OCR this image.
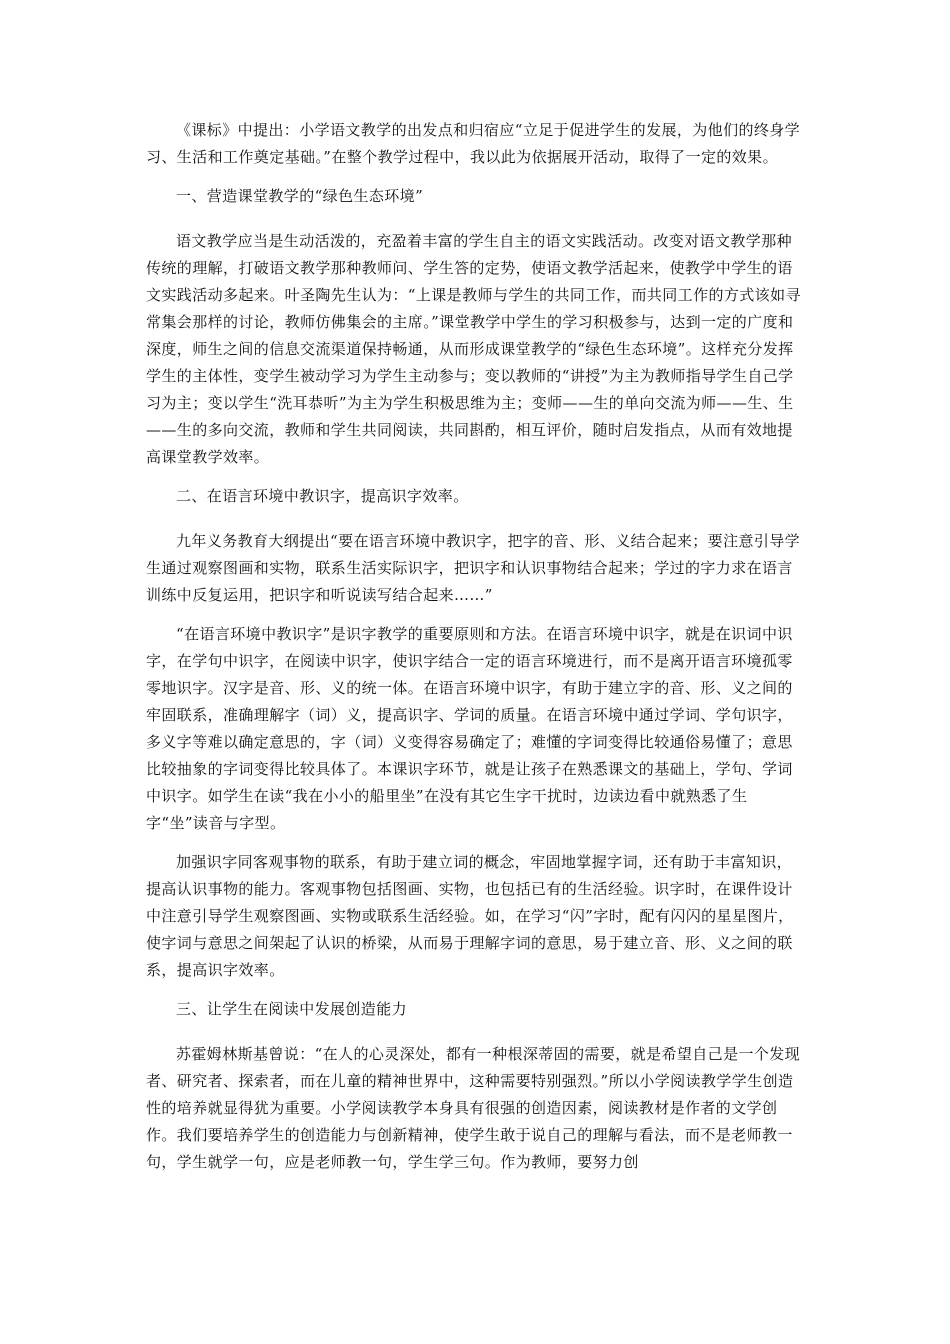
《课标》中提出：小学语文教学的出发点和归宿应“立足于促进学生的发展，为他们的终身学习、生活和工作奠定基础。”在整个教学过程中，我以此为依据展开活动，取得了一定的效果。

一、营造课堂教学的“绿色生态环境”

语文教学应当是生动活泼的，充盈着丰富的学生自主的语文实践活动。改变对语文教学那种传统的理解，打破语文教学那种教师问、学生答的定势，使语文教学活起来，使教学中学生的语文实践活动多起来。叶圣陶先生认为：“上课是教师与学生的共同工作，而共同工作的方式该如寻常集会那样的讨论，教师仿佛集会的主席。”课堂教学中学生的学习积极参与，达到一定的广度和深度，师生之间的信息交流渠道保持畅通，从而形成课堂教学的“绿色生态环境”。这样充分发挥学生的主体性，变学生被动学习为学生主动参与；变以教师的“讲授”为主为教师指导学生自己学习为主；变以学生“洗耳恭听”为主为学生积极思维为主；变师——生的单向交流为师——生、生——生的多向交流，教师和学生共同阅读，共同斟酌，相互评价，随时启发指点，从而有效地提高课堂教学效率。

二、在语言环境中教识字，提高识字效率。

九年义务教育大纲提出“要在语言环境中教识字，把字的音、形、义结合起来；要注意引导学生通过观察图画和实物，联系生活实际识字，把识字和认识事物结合起来；学过的字力求在语言训练中反复运用，把识字和听说读写结合起来……”

“在语言环境中教识字”是识字教学的重要原则和方法。在语言环境中识字，就是在识词中识字，在学句中识字，在阅读中识字，使识字结合一定的语言环境进行，而不是离开语言环境孤零零地识字。汉字是音、形、义的统一体。在语言环境中识字，有助于建立字的音、形、义之间的牢固联系，准确理解字（词）义，提高识字、学词的质量。在语言环境中通过学词、学句识字，多义字等难以确定意思的，字（词）义变得容易确定了；难懂的字词变得比较通俗易懂了；意思比较抽象的字词变得比较具体了。本课识字环节，就是让孩子在熟悉课文的基础上，学句、学词中识字。如学生在读“我在小小的船里坐”在没有其它生字干扰时，边读边看中就熟悉了生字“坐”读音与字型。

加强识字同客观事物的联系，有助于建立词的概念，牢固地掌握字词，还有助于丰富知识，提高认识事物的能力。客观事物包括图画、实物，也包括已有的生活经验。识字时，在课件设计中注意引导学生观察图画、实物或联系生活经验。如，在学习“闪”字时，配有闪闪的星星图片，使字词与意思之间架起了认识的桥梁，从而易于理解字词的意思，易于建立音、形、义之间的联系，提高识字效率。

三、让学生在阅读中发展创造能力

苏霍姆林斯基曾说：“在人的心灵深处，都有一种根深蒂固的需要，就是希望自己是一个发现者、研究者、探索者，而在儿童的精神世界中，这种需要特别强烈。”所以小学阅读教学学生创造性的培养就显得犹为重要。小学阅读教学本身具有很强的创造因素，阅读教材是作者的文学创作。我们要培养学生的创造能力与创新精神，使学生敢于说自己的理解与看法，而不是老师教一句，学生就学一句，应是老师教一句，学生学三句。作为教师，要努力创
